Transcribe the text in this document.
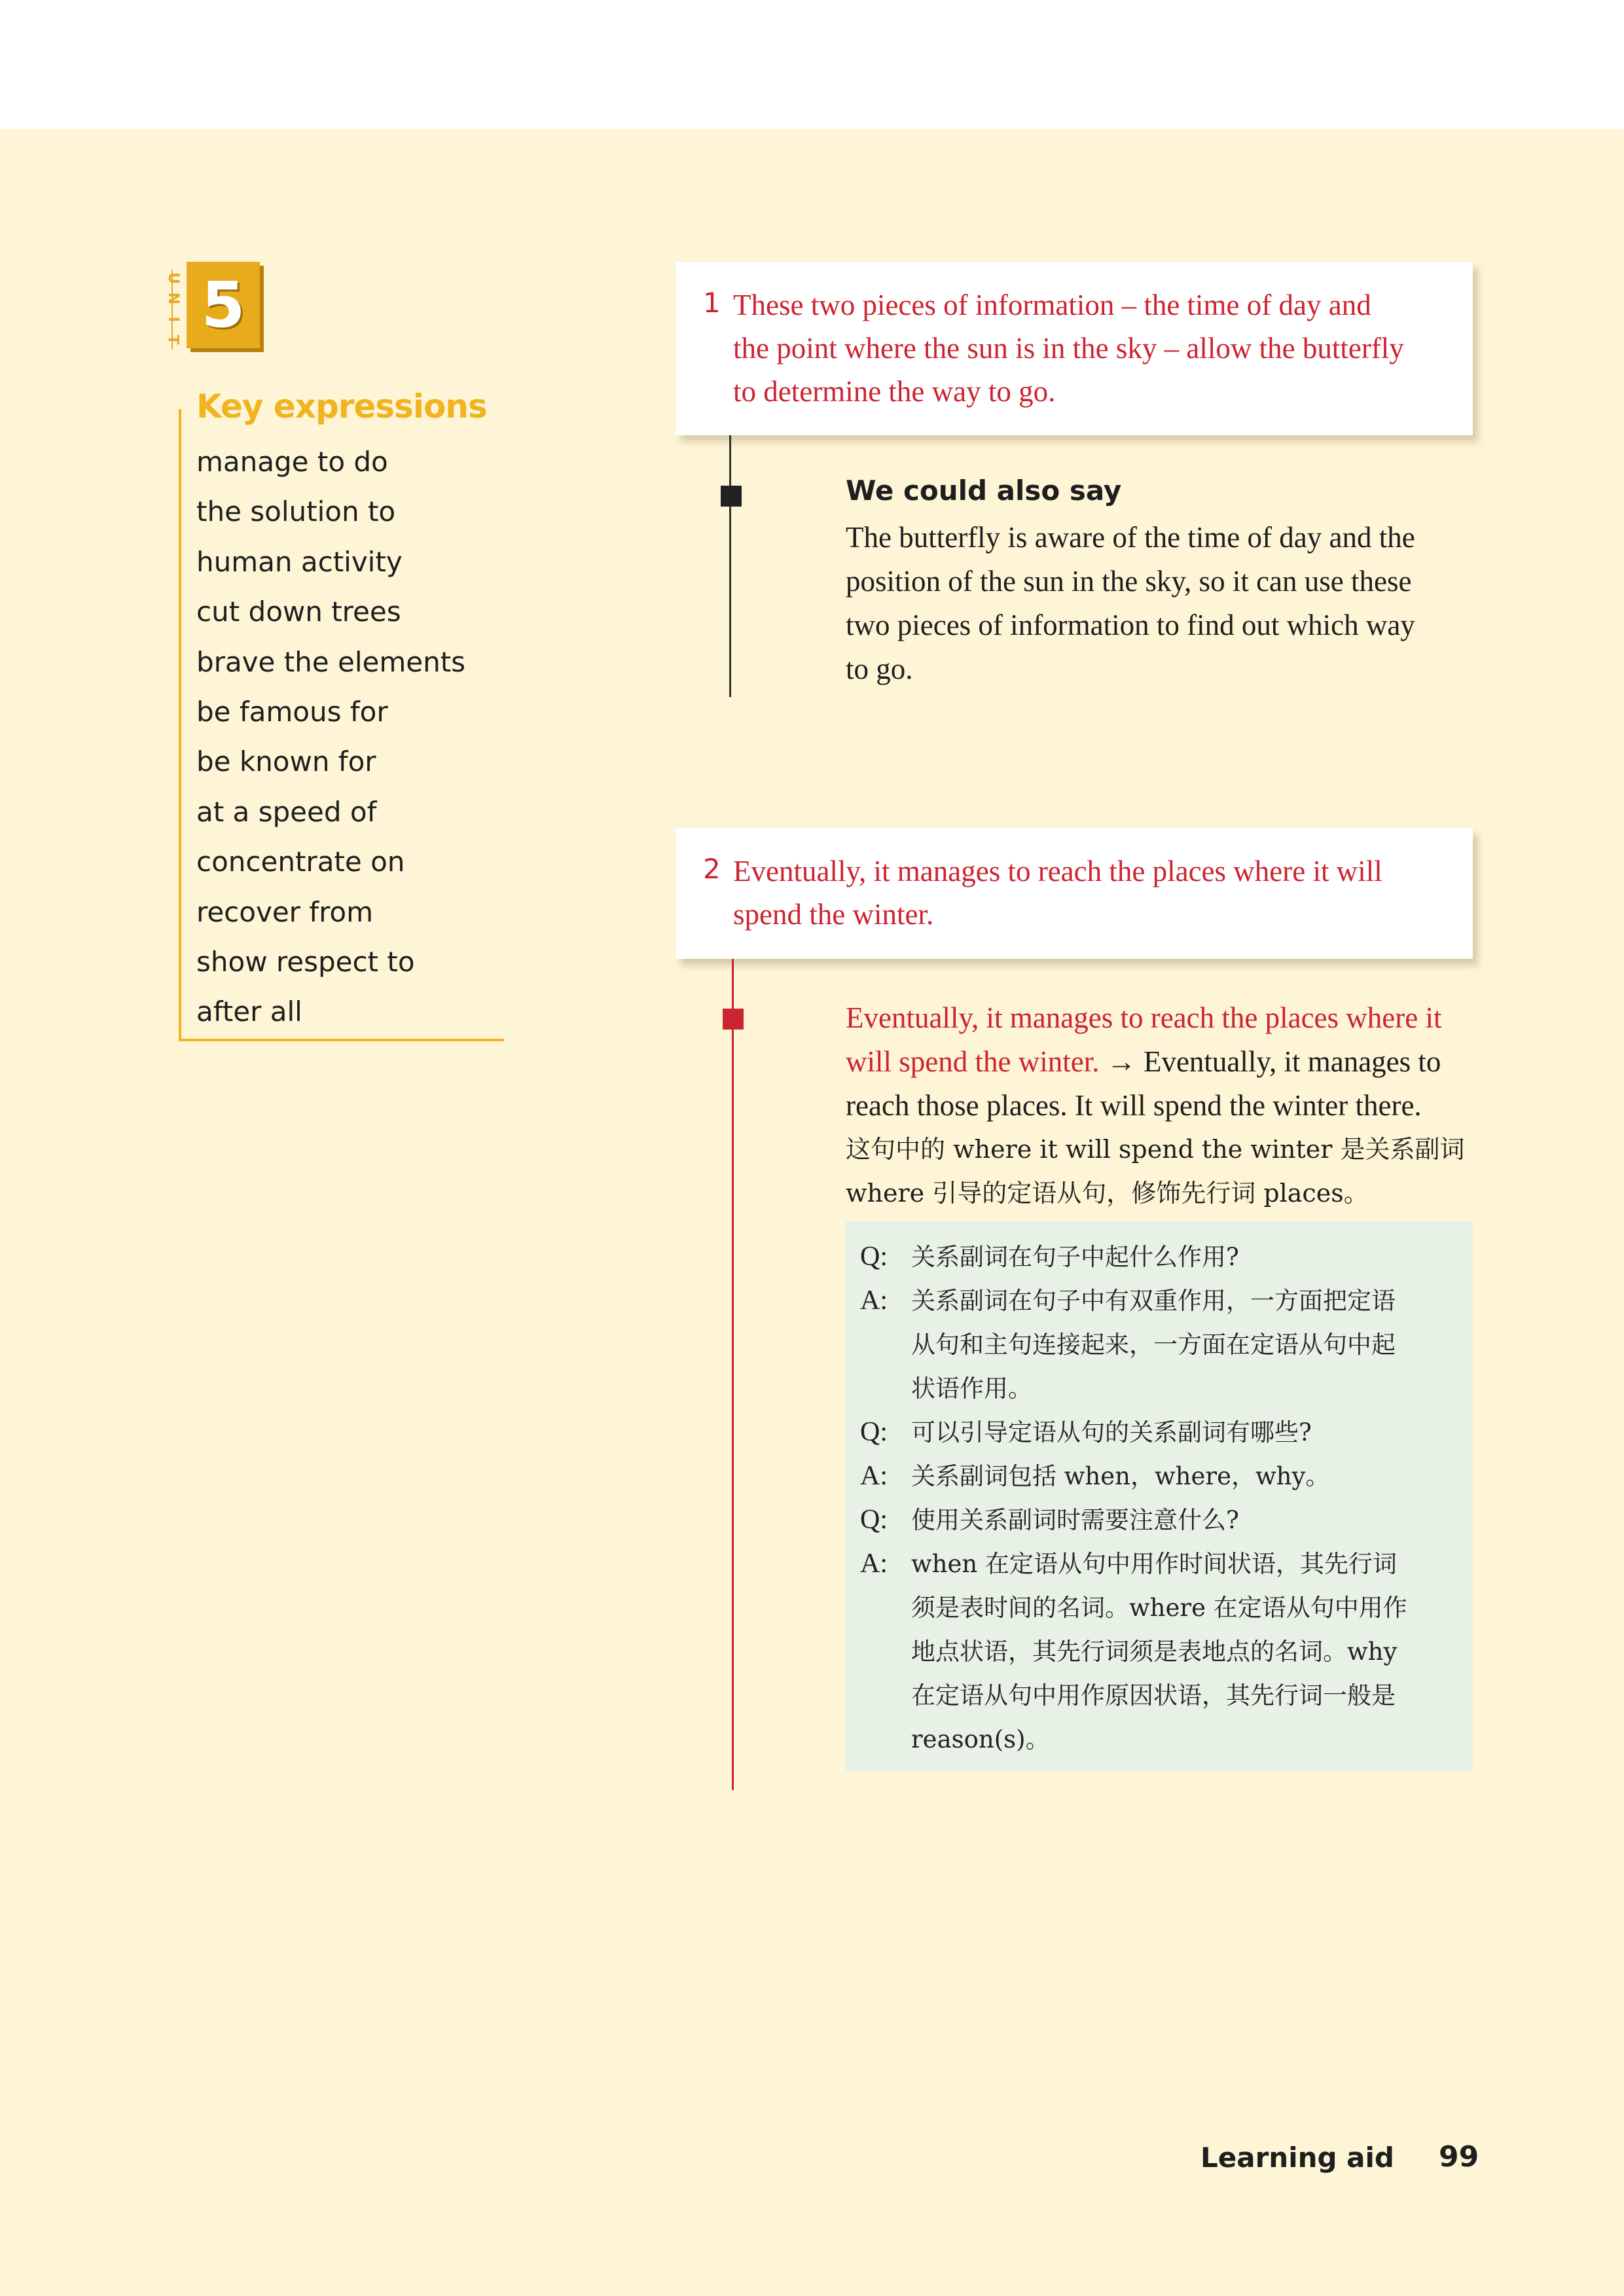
U
N
I
T 5
Key expressions
manage to do
the solution to
human activity
cut down trees
brave the elements
be famous for
be known for
at a speed of
concentrate on
recover from
show respect to
after all
1 These two pieces of information – the time of day and
the point where the sun is in the sky – allow the butterfly
to determine the way to go.
We could also say
The butterfly is aware of the time of day and the
position of the sun in the sky, so it can use these
two pieces of information to find out which way
to go.
2 Eventually, it manages to reach the places where it will
spend the winter.
Eventually, it manages to reach the places where it
will spend the winter. → Eventually, it manages to
reach those places. It will spend the winter there.
这句中的 where it will spend the winter 是关系副词
where 引导的定语从句，修饰先行词 places。
Q: 关系副词在句子中起什么作用?
A: 关系副词在句子中有双重作用，一方面把定语
从句和主句连接起来，一方面在定语从句中起
状语作用。
Q: 可以引导定语从句的关系副词有哪些?
A: 关系副词包括 when，where，why。
Q: 使用关系副词时需要注意什么?
A: when 在定语从句中用作时间状语，其先行词
须是表时间的名词。where 在定语从句中用作
地点状语，其先行词须是表地点的名词。why
在定语从句中用作原因状语，其先行词一般是
reason(s)。
Learning aid 99
